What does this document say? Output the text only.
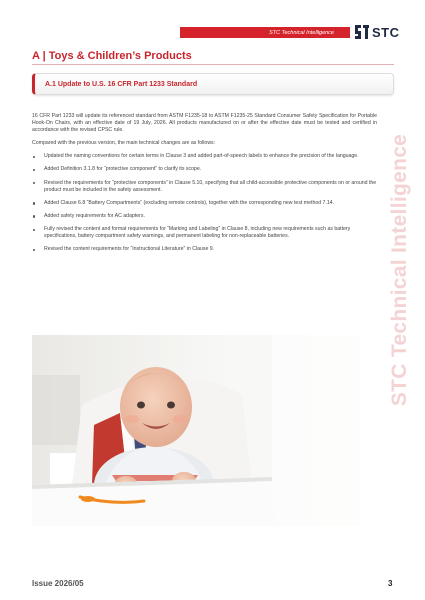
STC Technical Intelligence	STC
A | Toys & Children’s Products
A.1 Update to U.S. 16 CFR Part 1233 Standard

16 CFR Part 1233 will update its referenced standard from ASTM F1235-18 to ASTM F1235-25 Standard Consumer Safety Specification for Portable Hook-On Chairs, with an effective date of 19 July, 2026. All products manufactured on or after the effective date must be tested and certified in accordance with the revised CPSC rule.

Compared with the previous version, the main technical changes are as follows:

Updated the naming conventions for certain terms in Clause 3 and added part-of-speech labels to enhance the precision of the language.
Added Definition 3.1.8 for “protective component” to clarify its scope.
Revised the requirements for “protective components” in Clause 5.10, specifying that all child-accessible protective components on or around the product must be included in the safety assessment.
Added Clause 6.8 “Battery Compartments” (excluding remote controls), together with the corresponding new test method 7.14.
Added safety requirements for AC adapters.
Fully revised the content and format requirements for “Marking and Labeling” in Clause 8, including new requirements such as battery specifications, battery compartment safety warnings, and permanent labeling for non-replaceable batteries.
Revised the content requirements for “Instructional Literature” in Clause 9.	STC Technical Intelligence
Issue 2026/05	3
